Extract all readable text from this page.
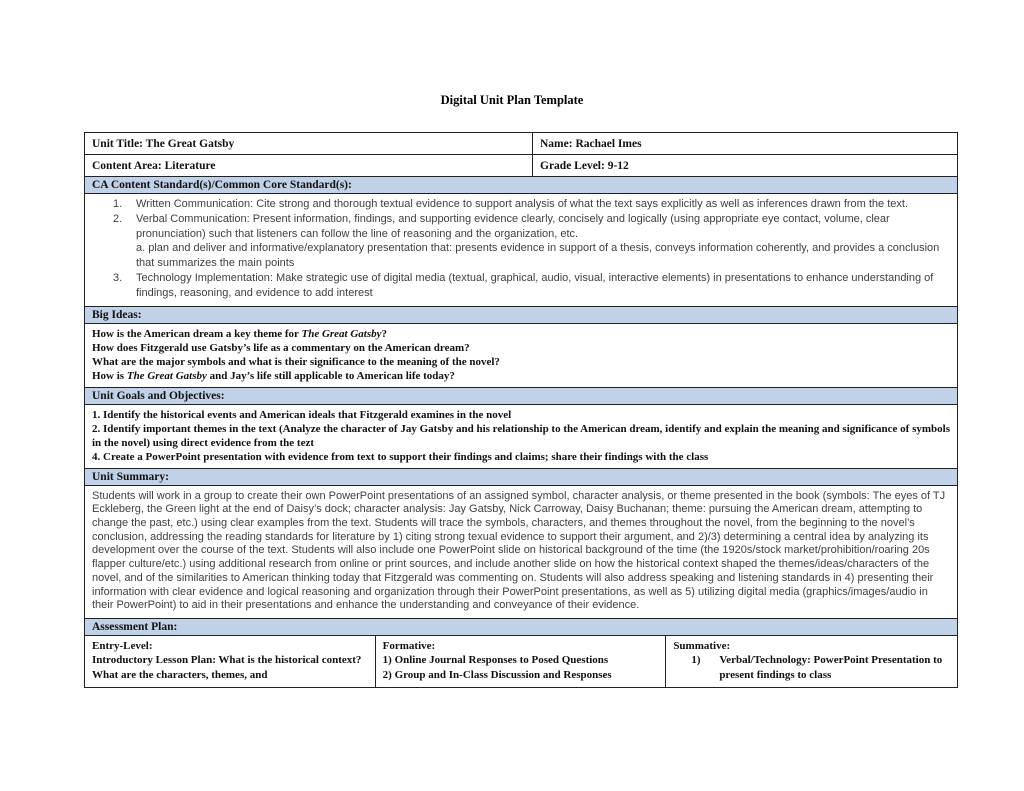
Digital Unit Plan Template
Unit Title: The Great Gatsby	Name: Rachael Imes
Content Area: Literature	Grade Level: 9-12
CA Content Standard(s)/Common Core Standard(s):
1.	Written Communication: Cite strong and thorough textual evidence to support analysis of what the text says explicitly as well as inferences drawn from the text.
2.	Verbal Communication: Present information, findings, and supporting evidence clearly, concisely and logically (using appropriate eye contact, volume, clear pronunciation) such that listeners can follow the line of reasoning and the organization, etc.
a. plan and deliver and informative/explanatory presentation that: presents evidence in support of a thesis, conveys information coherently, and provides a conclusion that summarizes the main points
3.	Technology Implementation: Make strategic use of digital media (textual, graphical, audio, visual, interactive elements) in presentations to enhance understanding of findings, reasoning, and evidence to add interest
Big Ideas:
How is the American dream a key theme for The Great Gatsby?
How does Fitzgerald use Gatsby’s life as a commentary on the American dream?
What are the major symbols and what is their significance to the meaning of the novel?
How is The Great Gatsby and Jay’s life still applicable to American life today?
Unit Goals and Objectives:
1. Identify the historical events and American ideals that Fitzgerald examines in the novel
2. Identify important themes in the text (Analyze the character of Jay Gatsby and his relationship to the American dream, identify and explain the meaning and significance of symbols in the novel) using direct evidence from the tezt
4. Create a PowerPoint presentation with evidence from text to support their findings and claims; share their findings with the class
Unit Summary:
Students will work in a group to create their own PowerPoint presentations of an assigned symbol, character analysis, or theme presented in the book (symbols: The eyes of TJ Eckleberg, the Green light at the end of Daisy’s dock; character analysis: Jay Gatsby, Nick Carroway, Daisy Buchanan; theme: pursuing the American dream, attempting to change the past, etc.) using clear examples from the text. Students will trace the symbols, characters, and themes throughout the novel, from the beginning to the novel’s conclusion, addressing the reading standards for literature by 1) citing strong texual evidence to support their argument, and 2)/3) determining a central idea by analyzing its development over the course of the text. Students will also include one PowerPoint slide on historical background of the time (the 1920s/stock market/prohibition/roaring 20s flapper culture/etc.) using additional research from online or print sources, and include another slide on how the historical context shaped the themes/ideas/characters of the novel, and of the similarities to American thinking today that Fitzgerald was commenting on. Students will also address speaking and listening standards in 4) presenting their information with clear evidence and logical reasoning and organization through their PowerPoint presentations, as well as 5) utilizing digital media (graphics/images/audio in their PowerPoint) to aid in their presentations and enhance the understanding and conveyance of their evidence.
Assessment Plan:
Entry-Level:
Introductory Lesson Plan: What is the historical context? What are the characters, themes, and
Formative:
1) Online Journal Responses to Posed Questions
2) Group and In-Class Discussion and Responses
Summative:
1)	Verbal/Technology: PowerPoint Presentation to present findings to class
